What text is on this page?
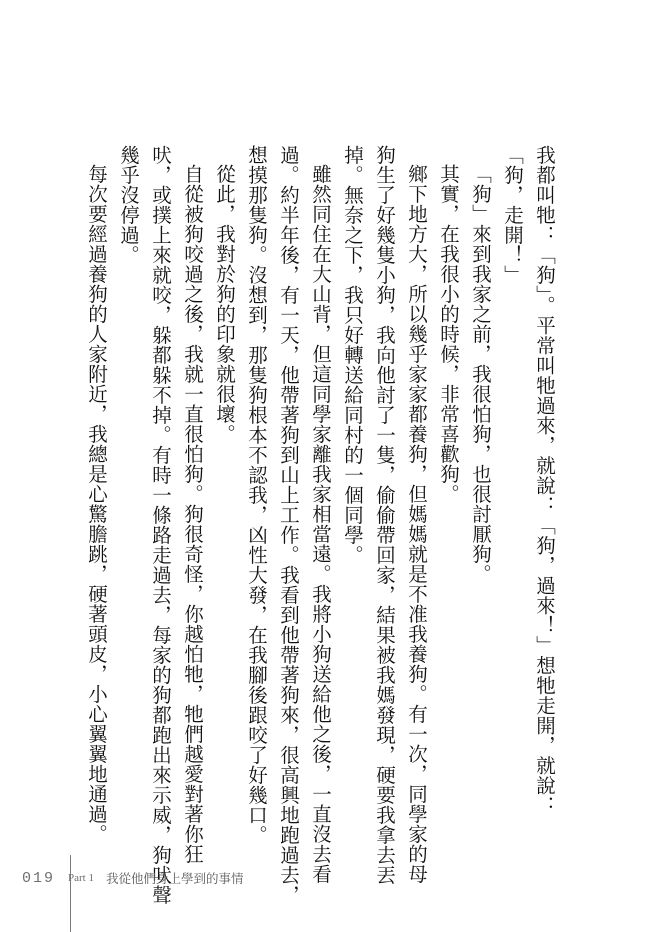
我都叫牠：「狗」。平常叫牠過來，就說：「狗，過來！」想牠走開，就說：
「狗，走開！」
「狗」來到我家之前，我很怕狗，也很討厭狗。
其實，在我很小的時候，非常喜歡狗。
鄉下地方大，所以幾乎家家都養狗，但媽媽就是不准我養狗。有一次，同學家的母
狗生了好幾隻小狗，我向他討了一隻，偷偷帶回家，結果被我媽發現，硬要我拿去丟
掉。無奈之下，我只好轉送給同村的一個同學。
雖然同住在大山背，但這同學家離我家相當遠。我將小狗送給他之後，一直沒去看
過。約半年後，有一天，他帶著狗到山上工作。我看到他帶著狗來，很高興地跑過去，
想摸那隻狗。沒想到，那隻狗根本不認我，凶性大發，在我腳後跟咬了好幾口。
從此，我對於狗的印象就很壞。
自從被狗咬過之後，我就一直很怕狗。狗很奇怪，你越怕牠，牠們越愛對著你狂
吠，或撲上來就咬，躲都躲不掉。有時一條路走過去，每家的狗都跑出來示威，狗吠聲
幾乎沒停過。
每次要經過養狗的人家附近，我總是心驚膽跳，硬著頭皮，小心翼翼地通過。
019 Part 1 我從他們身上學到的事情
